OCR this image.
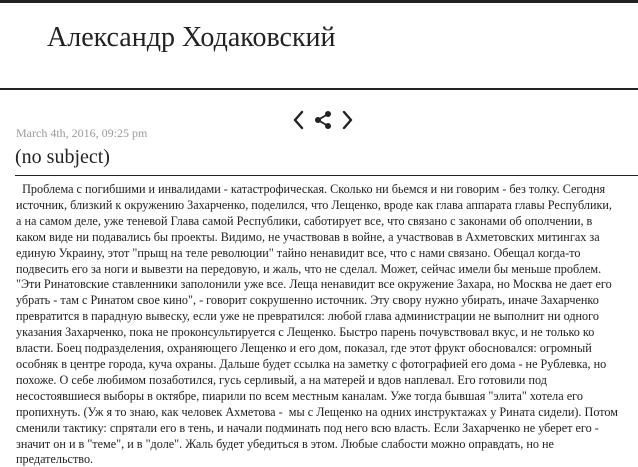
Александр Ходаковский
March 4th, 2016, 09:25 pm
(no subject)
Проблема с погибшими и инвалидами - катастрофическая. Сколько ни бьемся и ни говорим - без толку. Сегодня источник, близкий к окружению Захарченко, поделился, что Лещенко, вроде как глава аппарата главы Республики, а на самом деле, уже теневой Глава самой Республики, саботирует все, что связано с законами об ополчении, в каком виде ни подавались бы проекты. Видимо, не участвовав в войне, а участвовав в Ахметовских митингах за единую Украину, этот "прыщ на теле революции" тайно ненавидит все, что с нами связано. Обещал когда-то подвесить его за ноги и вывезти на передовую, и жаль, что не сделал. Может, сейчас имели бы меньше проблем. "Эти Ринатовские ставленники заполонили уже все. Леща ненавидит все окружение Захара, но Москва не дает его убрать - там с Ринатом свое кино", - говорит сокрушенно источник. Эту свору нужно убирать, иначе Захарченко превратится в парадную вывеску, если уже не превратился: любой глава администрации не выполнит ни одного указания Захарченко, пока не проконсультируется с Лещенко. Быстро парень почувствовал вкус, и не только ко власти. Боец подразделения, охраняющего Лещенко и его дом, показал, где этот фрукт обосновался: огромный особняк в центре города, куча охраны. Дальше будет ссылка на заметку с фотографией его дома - не Рублевка, но похоже. О себе любимом позаботился, гусь серливый, а на матерей и вдов наплевал. Его готовили под несостоявшиеся выборы в октябре, пиарили по всем местным каналам. Уже тогда бывшая "элита" хотела его пропихнуть. (Уж я то знаю, как человек Ахметова -  мы с Лещенко на одних инструктажах у Рината сидели). Потом сменили тактику: спрятали его в тень, и начали подминать под него всю власть. Если Захарченко не уберет его - значит он и в "теме", и в "доле". Жаль будет убедиться в этом. Любые слабости можно оправдать, но не предательство.
